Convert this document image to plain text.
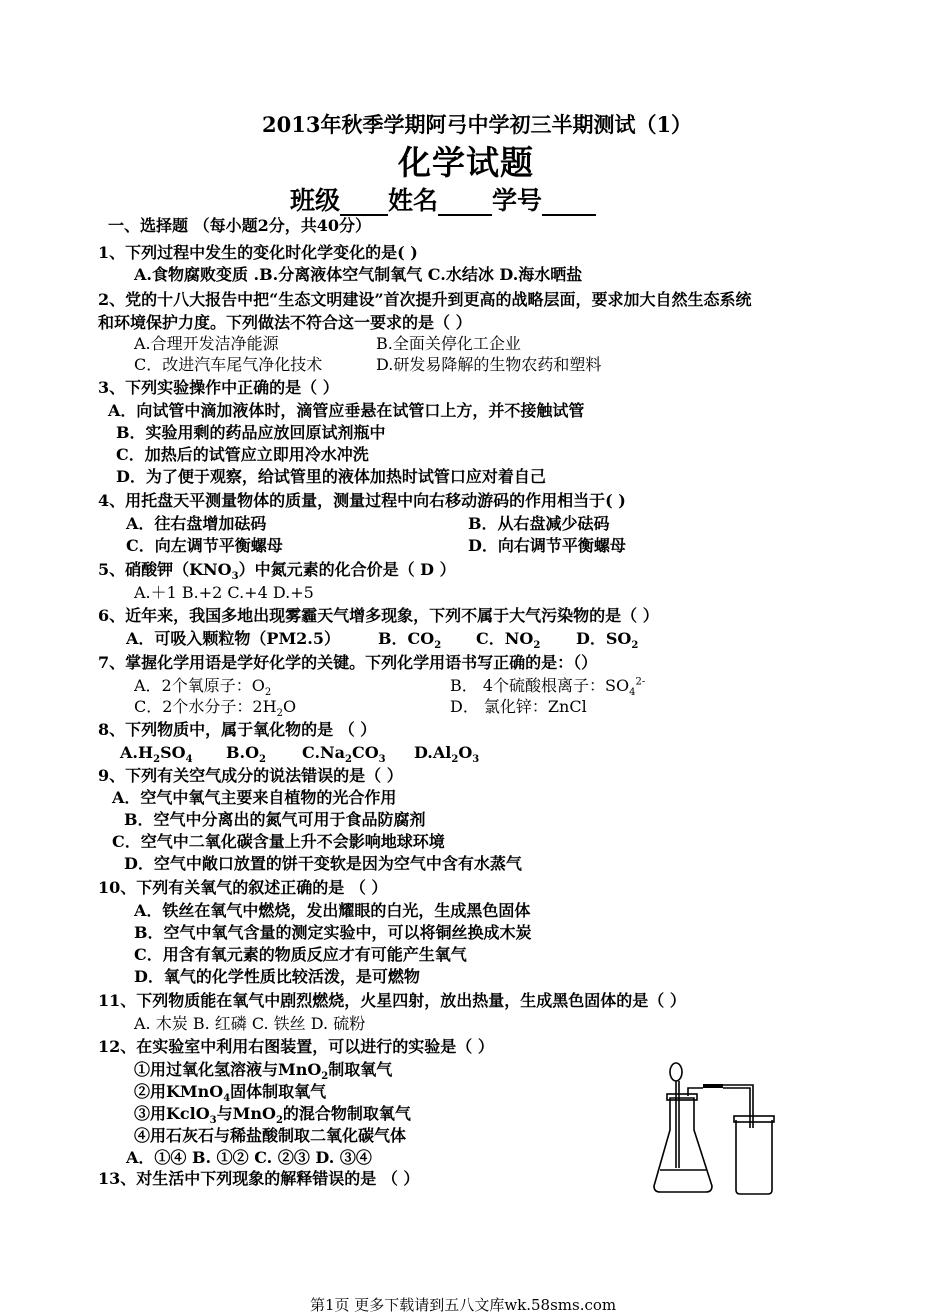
2013年秋季学期阿弓中学初三半期测试（1）
化学试题
班级 姓名 学号
一、选择题 （每小题2分，共40分）
1、下列过程中发生的变化时化学变化的是( )
A.食物腐败变质 .B.分离液体空气制氧气 C.水结冰 D.海水晒盐
2、党的十八大报告中把“生态文明建设”首次提升到更高的战略层面，要求加大自然生态系统
和环境保护力度。下列做法不符合这一要求的是（ ）
A.合理开发洁净能源	B.全面关停化工企业
C．改进汽车尾气净化技术	D.研发易降解的生物农药和塑料
3、下列实验操作中正确的是（ ）
A．向试管中滴加液体时，滴管应垂悬在试管口上方，并不接触试管
B．实验用剩的药品应放回原试剂瓶中
C．加热后的试管应立即用冷水冲洗
D．为了便于观察，给试管里的液体加热时试管口应对着自己
4、用托盘天平测量物体的质量，测量过程中向右移动游码的作用相当于( )
A．往右盘增加砝码	B．从右盘减少砝码
C．向左调节平衡螺母	D．向右调节平衡螺母
5、硝酸钾$(KNO_3)$中氮元素的化合价是（ D ）
A.＋1 B.+2 C.+4 D.+5
6、近年来，我国多地出现雾霾天气增多现象，下列不属于大气污染物的是（ ）
A．可吸入颗粒物（PM2.5） B．$CO_2$ C．$NO_2$ D．$SO_2$
7、掌握化学用语是学好化学的关键。下列化学用语书写正确的是：（）
A．2个氧原子：$O_2$	B． 4个硫酸根离子：$SO_4^{2-}$
C．2个水分子：$2H_2O$	D． 氯化锌：ZnCl
8、下列物质中，属于氧化物的是 （ ）
$A.H_2SO_4$ $B.O_2$ $C.Na_2CO_3$ $D.Al_2O_3$
9、下列有关空气成分的说法错误的是（ ）
A．空气中氧气主要来自植物的光合作用
B．空气中分离出的氮气可用于食品防腐剂
C．空气中二氧化碳含量上升不会影响地球环境
D．空气中敞口放置的饼干变软是因为空气中含有水蒸气
10、下列有关氧气的叙述正确的是 （ ）
A．铁丝在氧气中燃烧，发出耀眼的白光，生成黑色固体
B．空气中氧气含量的测定实验中，可以将铜丝换成木炭
C．用含有氧元素的物质反应才有可能产生氧气
D．氧气的化学性质比较活泼，是可燃物
11、下列物质能在氧气中剧烈燃烧，火星四射，放出热量，生成黑色固体的是（ ）
A. 木炭 B. 红磷 C. 铁丝 D. 硫粉
12、在实验室中利用右图装置，可以进行的实验是（ ）
①用过氧化氢溶液与MnO$_2$制取氧气
②用KMnO$_4$固体制取氧气
③用KclO$_3$与MnO$_2$的混合物制取氧气
④用石灰石与稀盐酸制取二氧化碳气体
A．①④ B. ①② C. ②③ D. ③④
13、对生活中下列现象的解释错误的是 （ ）
第1页 更多下载请到五八文库wk.58sms.com
